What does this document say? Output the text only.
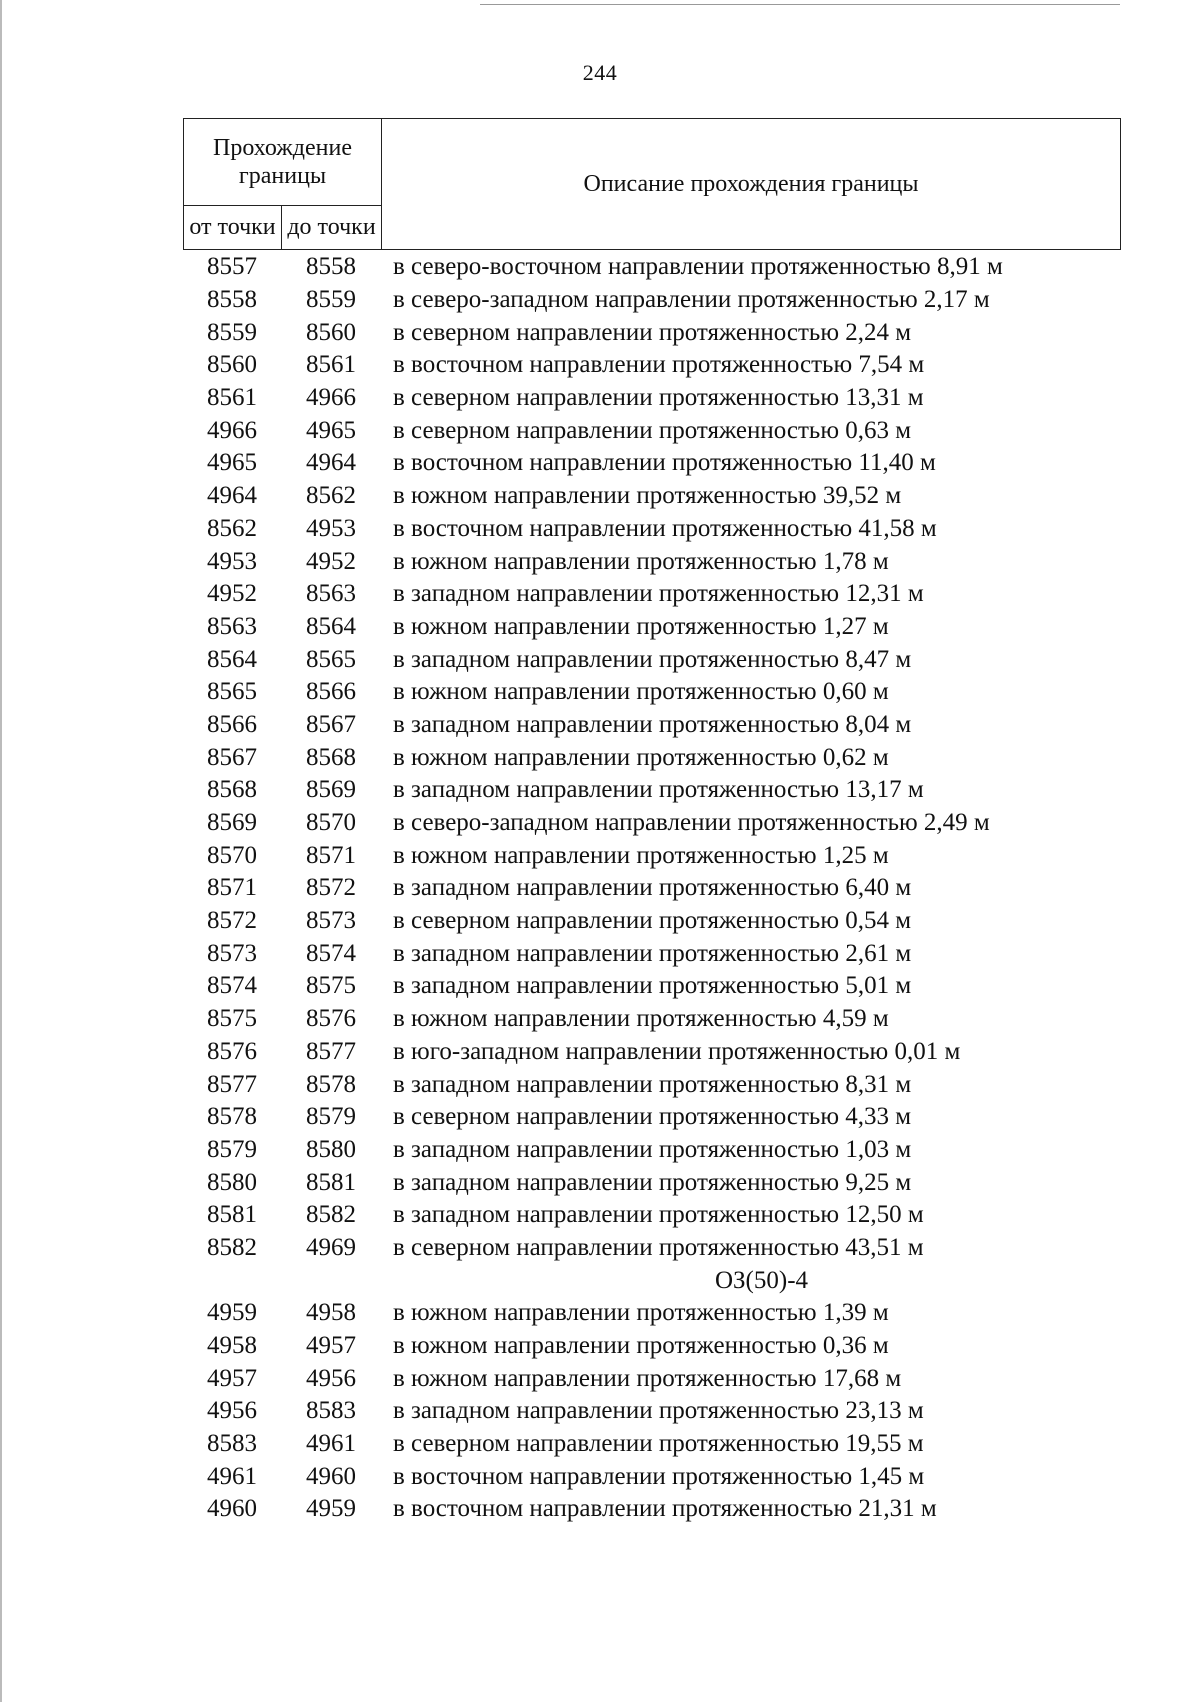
244
Прохождение границы		Описание прохождения границы
от точки	до точки	
8557	8558	в северо-восточном направлении протяженностью 8,91 м
8558	8559	в северо-западном направлении протяженностью 2,17 м
8559	8560	в северном направлении протяженностью 2,24 м
8560	8561	в восточном направлении протяженностью 7,54 м
8561	4966	в северном направлении протяженностью 13,31 м
4966	4965	в северном направлении протяженностью 0,63 м
4965	4964	в восточном направлении протяженностью 11,40 м
4964	8562	в южном направлении протяженностью 39,52 м
8562	4953	в восточном направлении протяженностью 41,58 м
4953	4952	в южном направлении протяженностью 1,78 м
4952	8563	в западном направлении протяженностью 12,31 м
8563	8564	в южном направлении протяженностью 1,27 м
8564	8565	в западном направлении протяженностью 8,47 м
8565	8566	в южном направлении протяженностью 0,60 м
8566	8567	в западном направлении протяженностью 8,04 м
8567	8568	в южном направлении протяженностью 0,62 м
8568	8569	в западном направлении протяженностью 13,17 м
8569	8570	в северо-западном направлении протяженностью 2,49 м
8570	8571	в южном направлении протяженностью 1,25 м
8571	8572	в западном направлении протяженностью 6,40 м
8572	8573	в северном направлении протяженностью 0,54 м
8573	8574	в западном направлении протяженностью 2,61 м
8574	8575	в западном направлении протяженностью 5,01 м
8575	8576	в южном направлении протяженностью 4,59 м
8576	8577	в юго-западном направлении протяженностью 0,01 м
8577	8578	в западном направлении протяженностью 8,31 м
8578	8579	в северном направлении протяженностью 4,33 м
8579	8580	в западном направлении протяженностью 1,03 м
8580	8581	в западном направлении протяженностью 9,25 м
8581	8582	в западном направлении протяженностью 12,50 м
8582	4969	в северном направлении протяженностью 43,51 м
ОЗ(50)-4
4959	4958	в южном направлении протяженностью 1,39 м
4958	4957	в южном направлении протяженностью 0,36 м
4957	4956	в южном направлении протяженностью 17,68 м
4956	8583	в западном направлении протяженностью 23,13 м
8583	4961	в северном направлении протяженностью 19,55 м
4961	4960	в восточном направлении протяженностью 1,45 м
4960	4959	в восточном направлении протяженностью 21,31 м
